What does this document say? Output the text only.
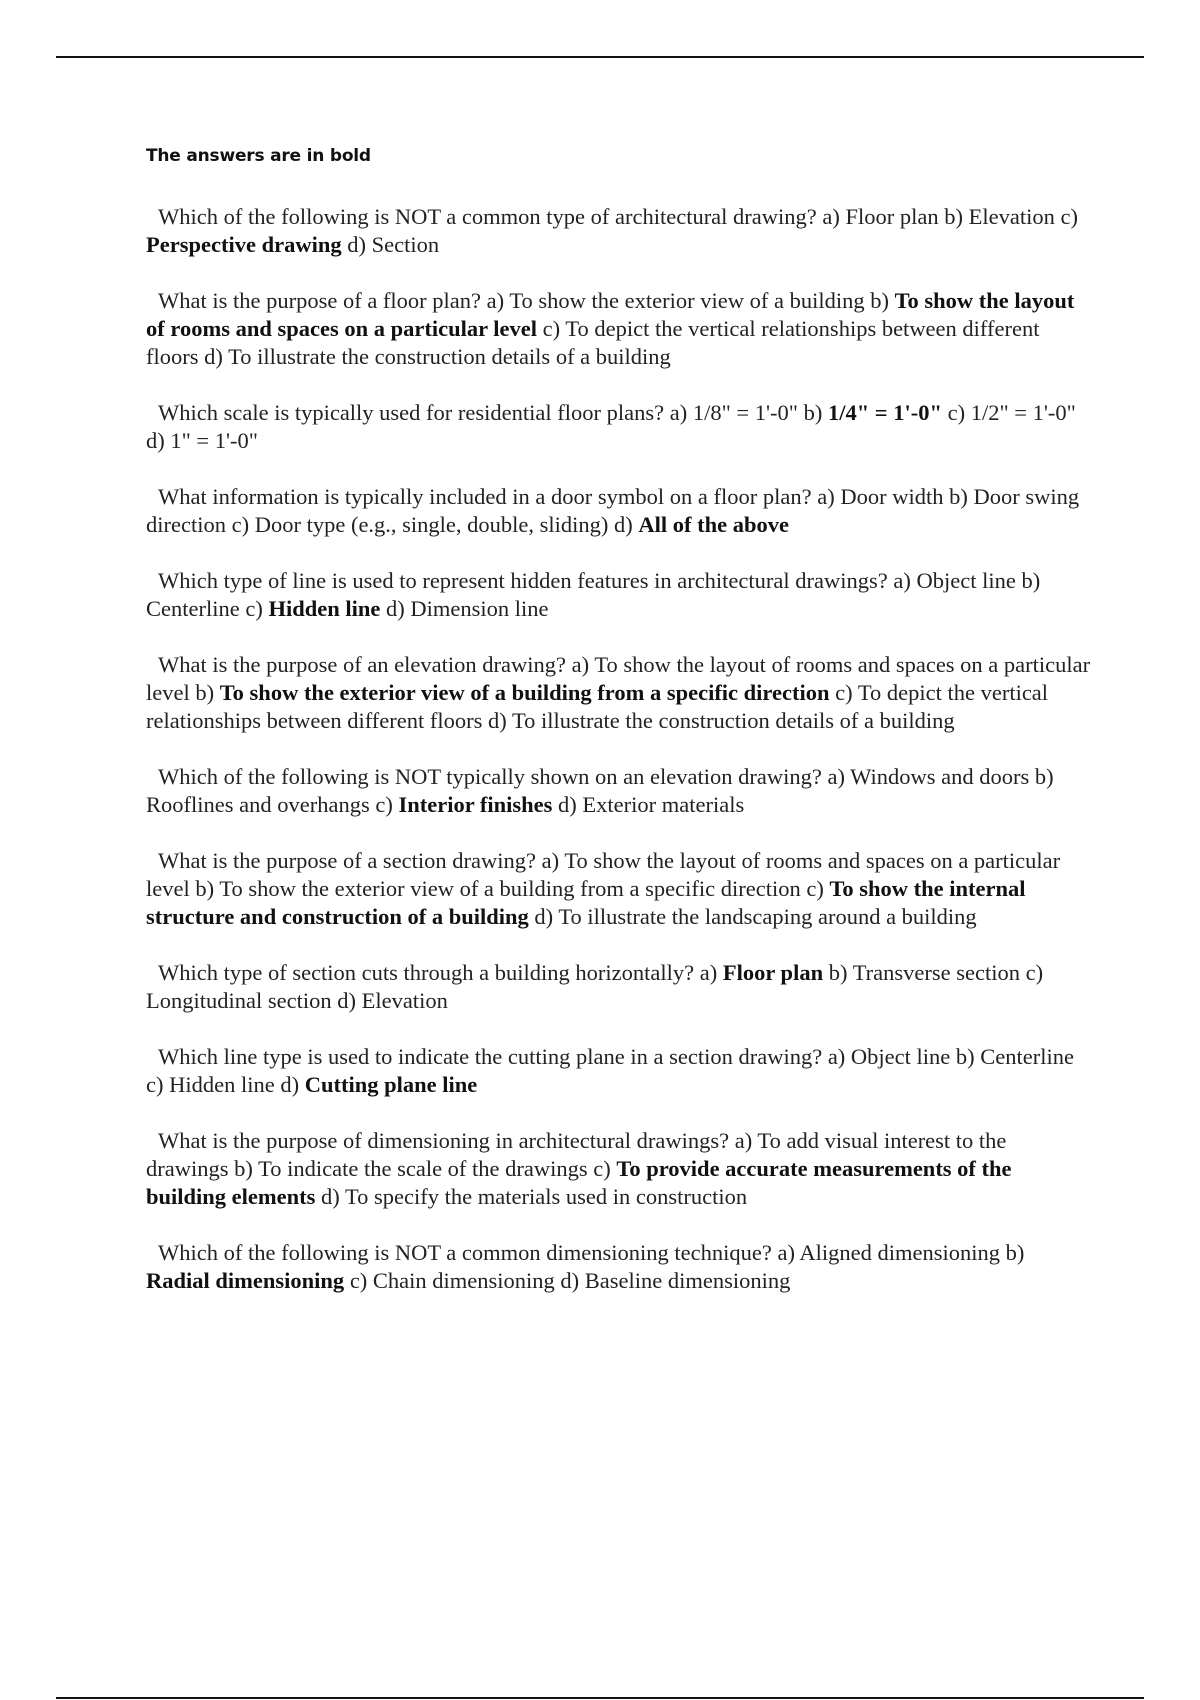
The answers are in bold

Which of the following is NOT a common type of architectural drawing? a) Floor plan b) Elevation c) Perspective drawing d) Section

What is the purpose of a floor plan? a) To show the exterior view of a building b) To show the layout of rooms and spaces on a particular level c) To depict the vertical relationships between different floors d) To illustrate the construction details of a building

Which scale is typically used for residential floor plans? a) 1/8" = 1'-0" b) 1/4" = 1'-0" c) 1/2" = 1'-0" d) 1" = 1'-0"

What information is typically included in a door symbol on a floor plan? a) Door width b) Door swing direction c) Door type (e.g., single, double, sliding) d) All of the above

Which type of line is used to represent hidden features in architectural drawings? a) Object line b) Centerline c) Hidden line d) Dimension line

What is the purpose of an elevation drawing? a) To show the layout of rooms and spaces on a particular level b) To show the exterior view of a building from a specific direction c) To depict the vertical relationships between different floors d) To illustrate the construction details of a building

Which of the following is NOT typically shown on an elevation drawing? a) Windows and doors b) Rooflines and overhangs c) Interior finishes d) Exterior materials

What is the purpose of a section drawing? a) To show the layout of rooms and spaces on a particular level b) To show the exterior view of a building from a specific direction c) To show the internal structure and construction of a building d) To illustrate the landscaping around a building

Which type of section cuts through a building horizontally? a) Floor plan b) Transverse section c) Longitudinal section d) Elevation

Which line type is used to indicate the cutting plane in a section drawing? a) Object line b) Centerline c) Hidden line d) Cutting plane line

What is the purpose of dimensioning in architectural drawings? a) To add visual interest to the drawings b) To indicate the scale of the drawings c) To provide accurate measurements of the building elements d) To specify the materials used in construction

Which of the following is NOT a common dimensioning technique? a) Aligned dimensioning b) Radial dimensioning c) Chain dimensioning d) Baseline dimensioning
